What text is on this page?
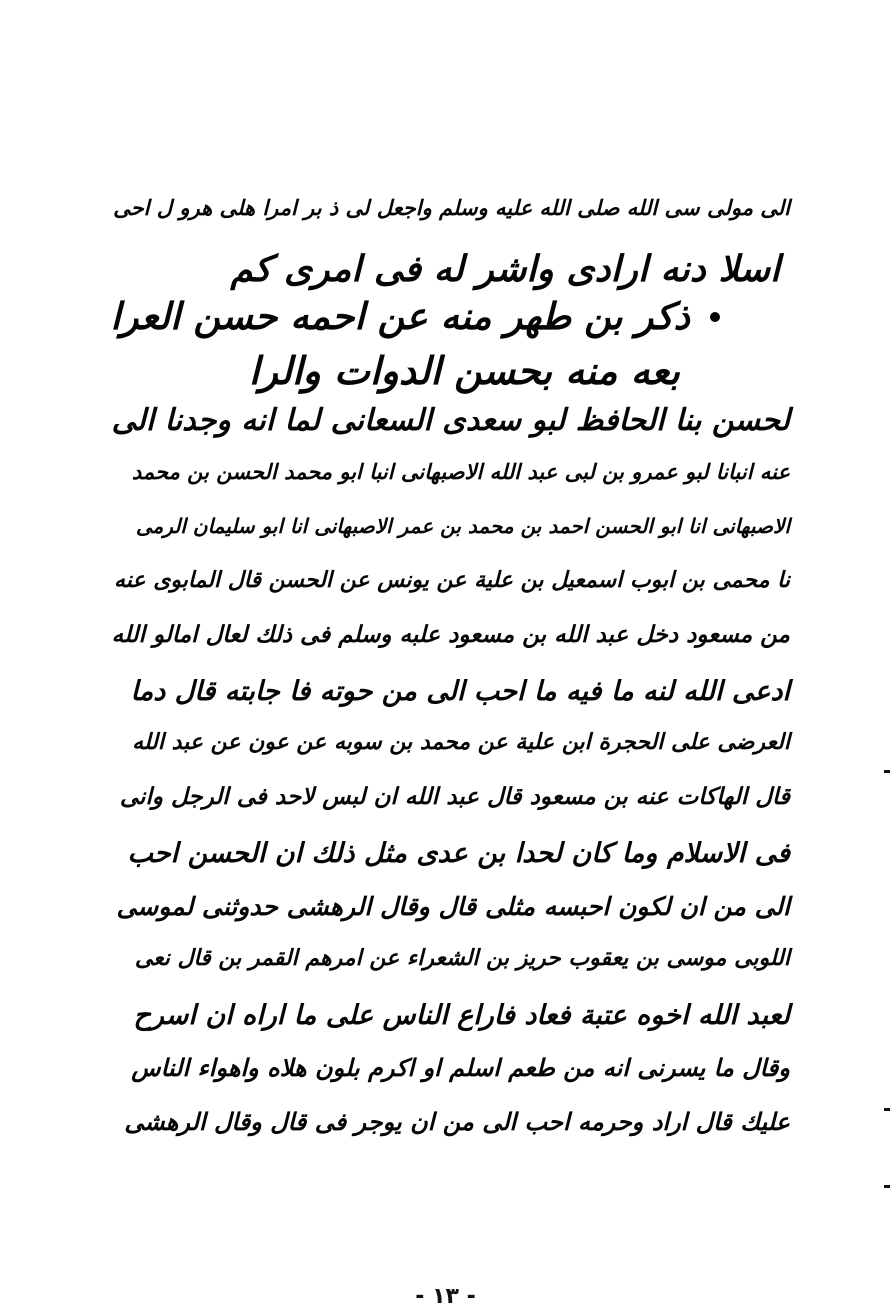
الى مولى سى الله صلى الله عليه وسلم واجعل لى ذ بر امرا هلى هرو ل احى
اسلا دنه ارادى واشر له فى امرى كم
ذكر بن طهر منه عن احمه حسن العرا
بعه منه بحسن الدوات والرا
لحسن بنا الحافظ لبو سعدى السعانى لما انه وجدنا الى
عنه انبانا لبو عمرو بن لبى عبد الله الاصبهانى انبا ابو محمد الحسن بن محمد
الاصبهانى انا ابو الحسن احمد بن محمد بن عمر الاصبهانى انا ابو سليمان الرمى
نا محمى بن ابوب اسمعيل بن علية عن يونس عن الحسن قال المابوى عنه
من مسعود دخل عبد الله بن مسعود علبه وسلم فى ذلك لعال امالو الله
ادعى الله لنه ما فيه ما احب الى من حوته فا جابته قال دما
العرضى على الحجرة ابن علية عن محمد بن سوبه عن عون عن عبد الله
قال الهاكات عنه بن مسعود قال عبد الله ان لبس لاحد فى الرجل وانى
فى الاسلام وما كان لحدا بن عدى مثل ذلك ان الحسن احب
الى من ان لكون احبسه مثلى قال وقال الرهشى حدوثنى لموسى
اللوبى موسى بن يعقوب حريز بن الشعراء عن امرهم القمر بن قال نعى
لعبد الله اخوه عتبة فعاد فاراع الناس على ما اراه ان اسرح
وقال ما يسرنى انه من طعم اسلم او اكرم بلون هلاه واهواء الناس
عليك قال اراد وحرمه احب الى من ان يوجر فى قال وقال الرهشى
- ١٣ -
